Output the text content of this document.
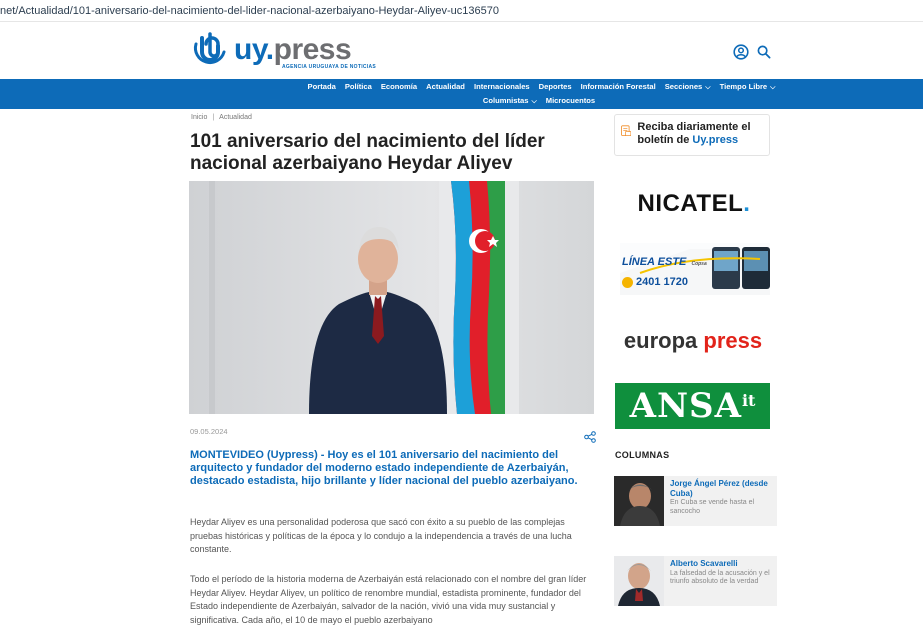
net/Actualidad/101-aniversario-del-nacimiento-del-lider-nacional-azerbaiyano-Heydar-Aliyev-uc136570
uy.press
AGENCIA URUGUAYA DE NOTICIAS
Portada Política Economía Actualidad Internacionales Deportes Información Forestal Secciones ⌵ Tiempo Libre ⌵
Columnistas ⌵ Microcuentos
Inicio | Actualidad
101 aniversario del nacimiento del líder nacional azerbaiyano Heydar Aliyev
09.05.2024
MONTEVIDEO (Uypress) - Hoy es el 101 aniversario del nacimiento del arquitecto y fundador del moderno estado independiente de Azerbaiyán, destacado estadista, hijo brillante y líder nacional del pueblo azerbaiyano.
Heydar Aliyev es una personalidad poderosa que sacó con éxito a su pueblo de las complejas pruebas históricas y políticas de la época y lo condujo a la independencia a través de una lucha constante.
Todo el período de la historia moderna de Azerbaiyán está relacionado con el nombre del gran líder Heydar Aliyev. Heydar Aliyev, un político de renombre mundial, estadista prominente, fundador del Estado independiente de Azerbaiyán, salvador de la nación, vivió una vida muy sustancial y significativa. Cada año, el 10 de mayo el pueblo azerbaiyano
Reciba diariamente el boletín de Uy.press
NICATEL .
LÍNEA ESTE Copsa
2401 1720
europa
press
ANSA it
COLUMNAS
Jorge Ángel Pérez (desde Cuba)
En Cuba se vende hasta el sancocho
Alberto Scavarelli
La falsedad de la acusación y el triunfo absoluto de la verdad
